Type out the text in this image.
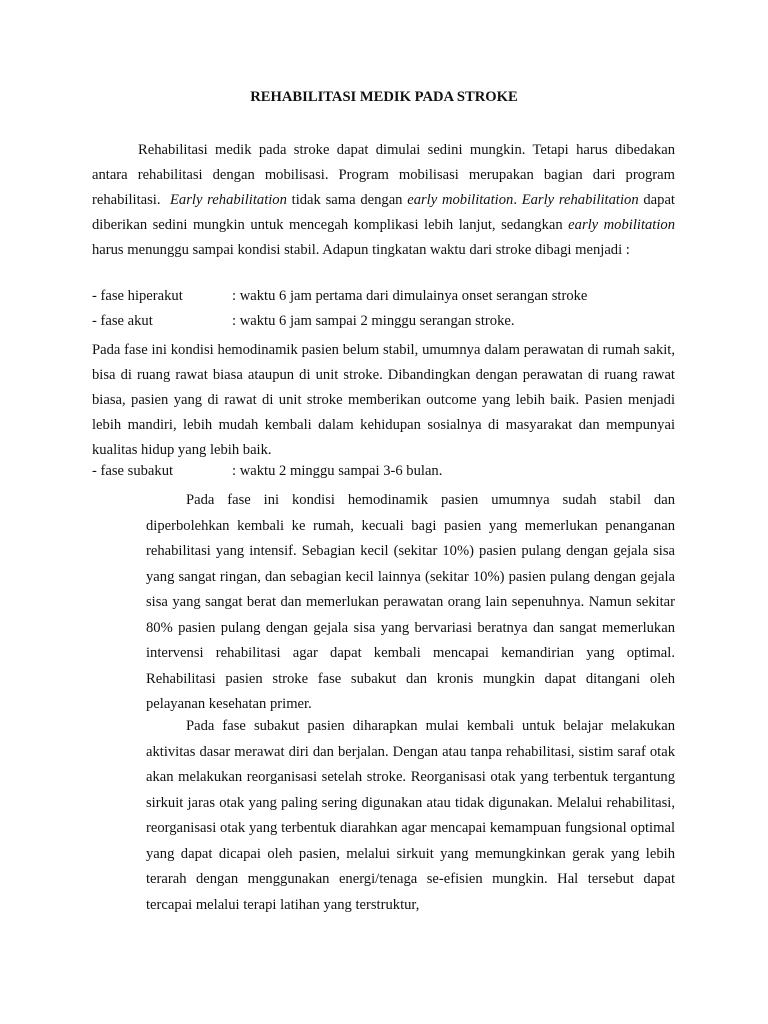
REHABILITASI MEDIK PADA STROKE
Rehabilitasi medik pada stroke dapat dimulai sedini mungkin. Tetapi harus dibedakan antara rehabilitasi dengan mobilisasi. Program mobilisasi merupakan bagian dari program rehabilitasi. Early rehabilitation tidak sama dengan early mobilitation. Early rehabilitation dapat diberikan sedini mungkin untuk mencegah komplikasi lebih lanjut, sedangkan early mobilitation harus menunggu sampai kondisi stabil. Adapun tingkatan waktu dari stroke dibagi menjadi :
- fase hiperakut	: waktu 6 jam pertama dari dimulainya onset serangan stroke
- fase akut	: waktu 6 jam sampai 2 minggu serangan stroke.
Pada fase ini kondisi hemodinamik pasien belum stabil, umumnya dalam perawatan di rumah sakit, bisa di ruang rawat biasa ataupun di unit stroke. Dibandingkan dengan perawatan di ruang rawat biasa, pasien yang di rawat di unit stroke memberikan outcome yang lebih baik. Pasien menjadi lebih mandiri, lebih mudah kembali dalam kehidupan sosialnya di masyarakat dan mempunyai kualitas hidup yang lebih baik.
- fase subakut	: waktu 2 minggu sampai 3-6 bulan.
Pada fase ini kondisi hemodinamik pasien umumnya sudah stabil dan diperbolehkan kembali ke rumah, kecuali bagi pasien yang memerlukan penanganan rehabilitasi yang intensif. Sebagian kecil (sekitar 10%) pasien pulang dengan gejala sisa yang sangat ringan, dan sebagian kecil lainnya (sekitar 10%) pasien pulang dengan gejala sisa yang sangat berat dan memerlukan perawatan orang lain sepenuhnya. Namun sekitar 80% pasien pulang dengan gejala sisa yang bervariasi beratnya dan sangat memerlukan intervensi rehabilitasi agar dapat kembali mencapai kemandirian yang optimal. Rehabilitasi pasien stroke fase subakut dan kronis mungkin dapat ditangani oleh pelayanan kesehatan primer.
Pada fase subakut pasien diharapkan mulai kembali untuk belajar melakukan aktivitas dasar merawat diri dan berjalan. Dengan atau tanpa rehabilitasi, sistim saraf otak akan melakukan reorganisasi setelah stroke. Reorganisasi otak yang terbentuk tergantung sirkuit jaras otak yang paling sering digunakan atau tidak digunakan. Melalui rehabilitasi, reorganisasi otak yang terbentuk diarahkan agar mencapai kemampuan fungsional optimal yang dapat dicapai oleh pasien, melalui sirkuit yang memungkinkan gerak yang lebih terarah dengan menggunakan energi/tenaga se-efisien mungkin. Hal tersebut dapat tercapai melalui terapi latihan yang terstruktur,
